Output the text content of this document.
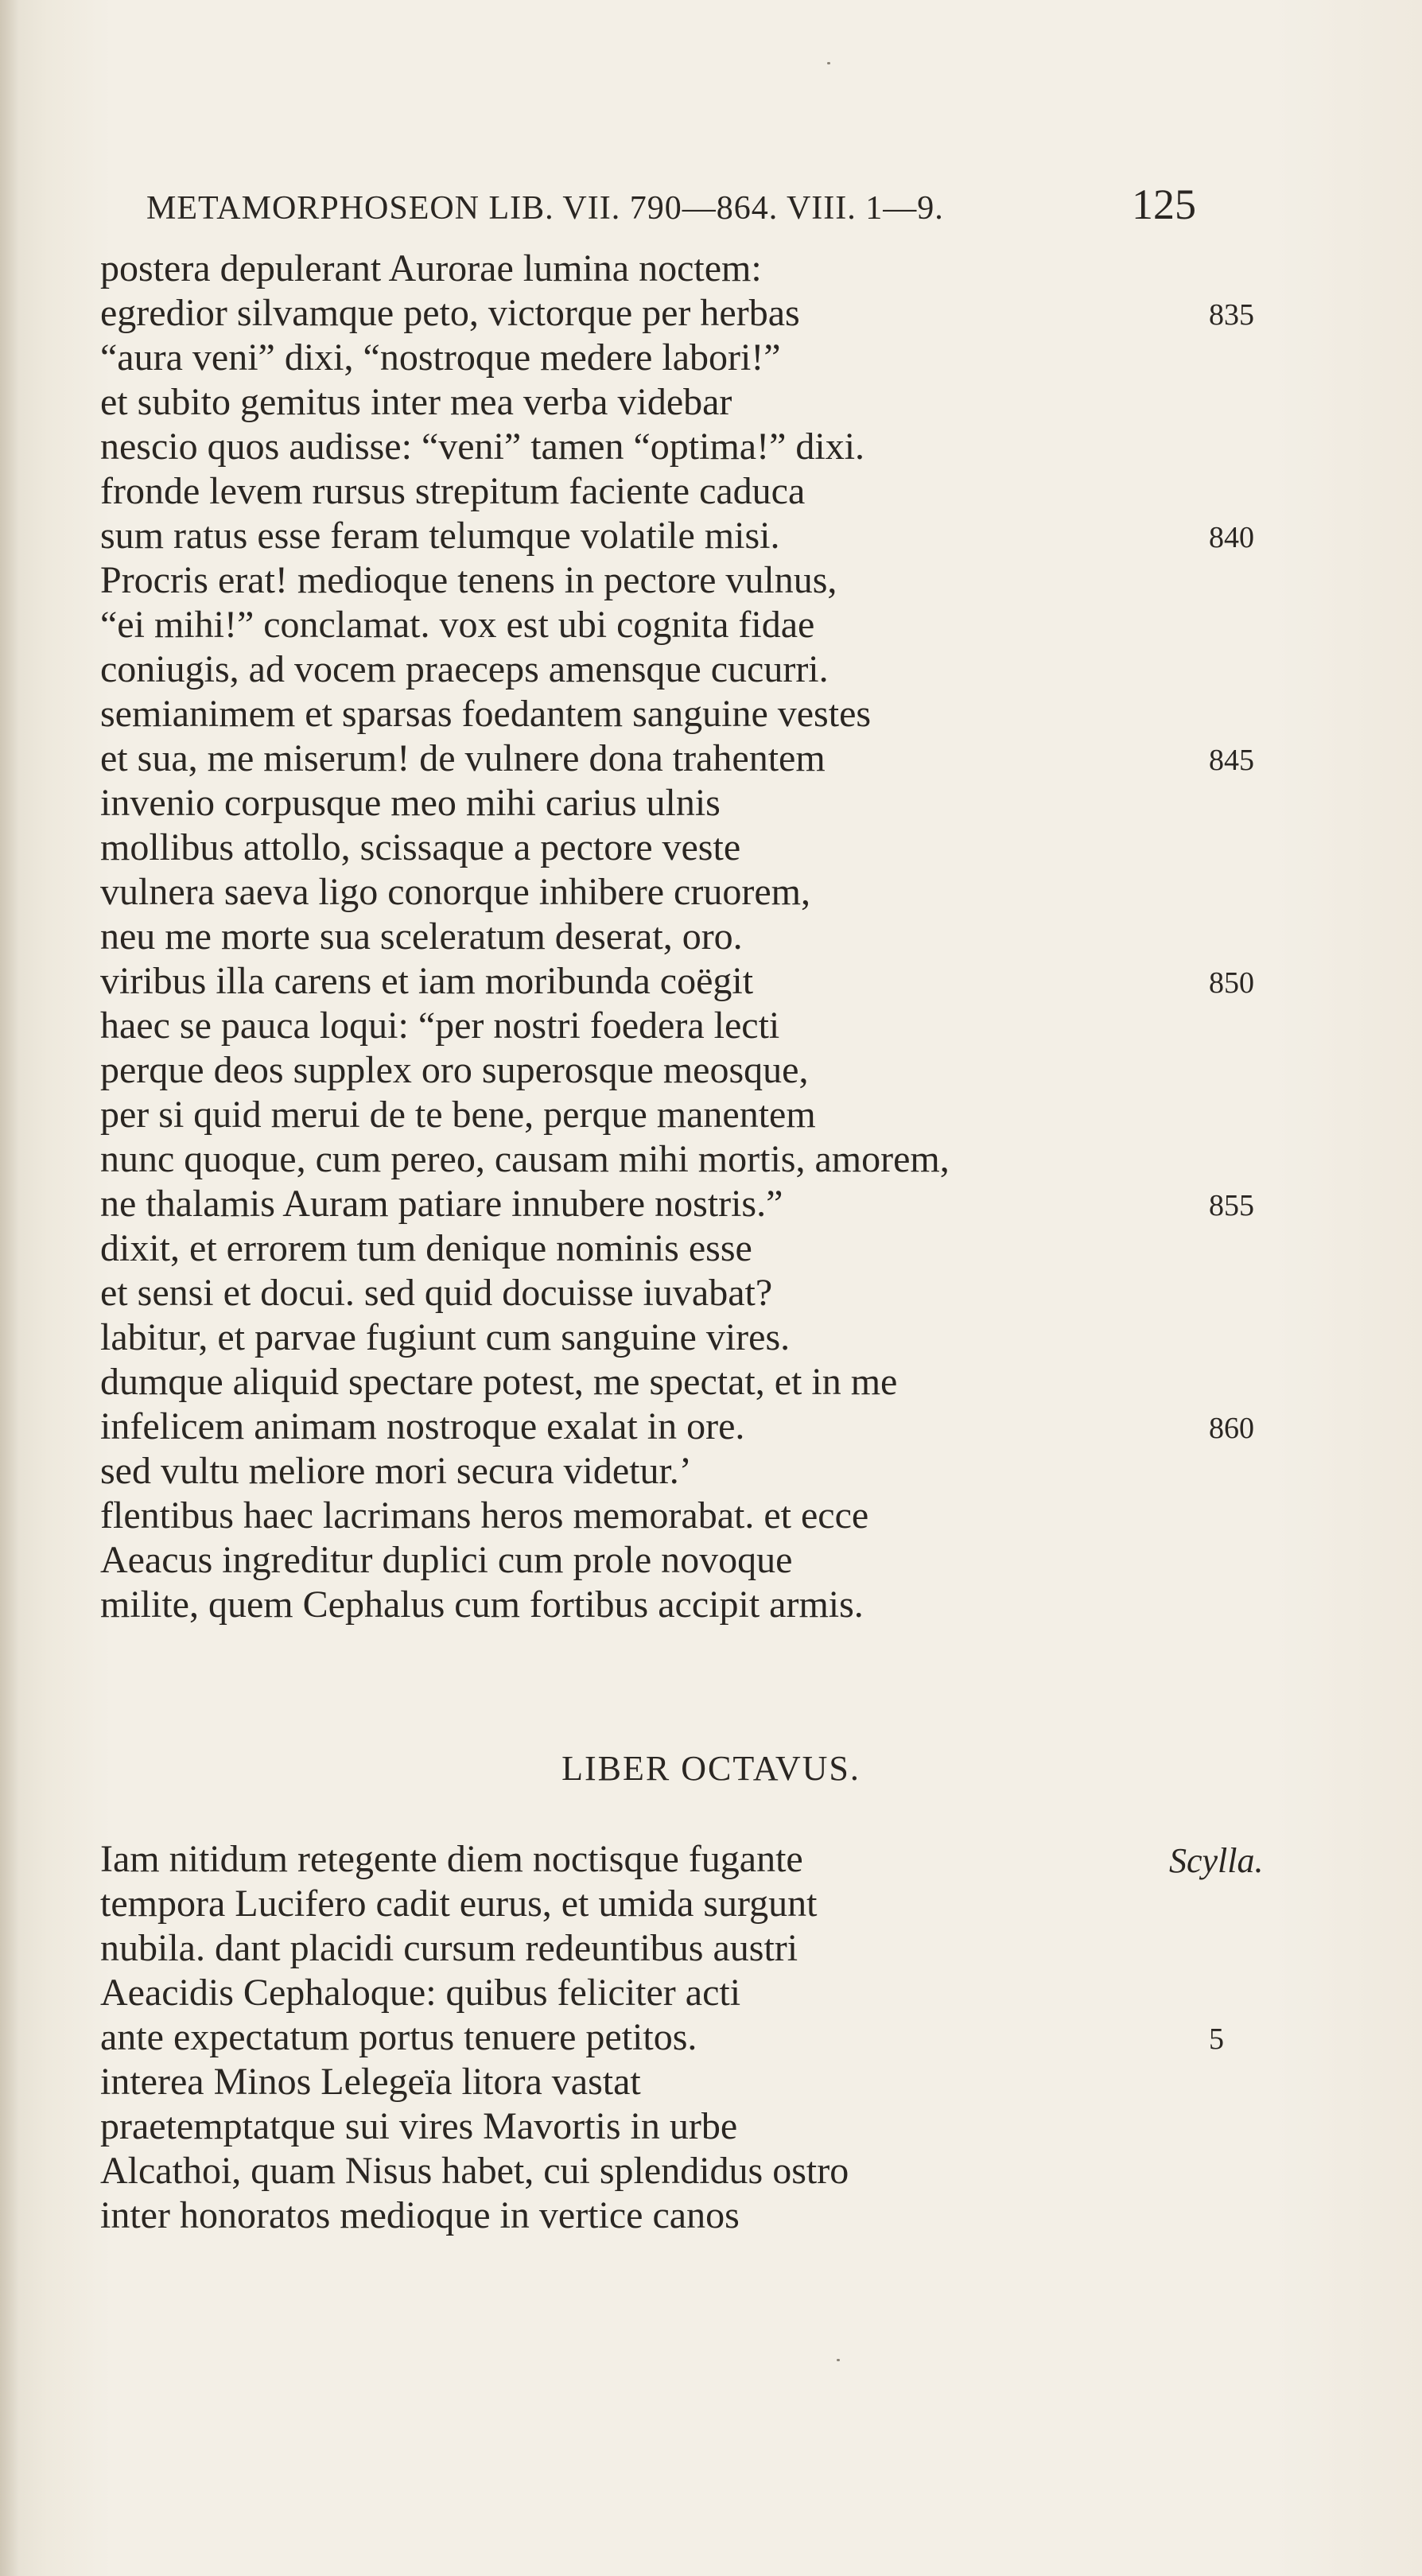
METAMORPHOSEON LIB. VII. 790—864. VIII. 1—9.	125
postera depulerant Aurorae lumina noctem:
egredior silvamque peto, victorque per herbas
“aura veni” dixi, “nostroque medere labori!”
et subito gemitus inter mea verba videbar
nescio quos audisse: “veni” tamen “optima!” dixi.
fronde levem rursus strepitum faciente caduca
sum ratus esse feram telumque volatile misi.
Procris erat! medioque tenens in pectore vulnus,
“ei mihi!” conclamat. vox est ubi cognita fidae
coniugis, ad vocem praeceps amensque cucurri.
semianimem et sparsas foedantem sanguine vestes
et sua, me miserum! de vulnere dona trahentem
invenio corpusque meo mihi carius ulnis
mollibus attollo, scissaque a pectore veste
vulnera saeva ligo conorque inhibere cruorem,
neu me morte sua sceleratum deserat, oro.
viribus illa carens et iam moribunda coëgit
haec se pauca loqui: “per nostri foedera lecti
perque deos supplex oro superosque meosque,
per si quid merui de te bene, perque manentem
nunc quoque, cum pereo, causam mihi mortis, amorem,
ne thalamis Auram patiare innubere nostris.”
dixit, et errorem tum denique nominis esse
et sensi et docui. sed quid docuisse iuvabat?
labitur, et parvae fugiunt cum sanguine vires.
dumque aliquid spectare potest, me spectat, et in me
infelicem animam nostroque exalat in ore.
sed vultu meliore mori secura videtur.’
flentibus haec lacrimans heros memorabat. et ecce
Aeacus ingreditur duplici cum prole novoque
milite, quem Cephalus cum fortibus accipit armis.
835
840
845
850
855
860
LIBER OCTAVUS.
Iam nitidum retegente diem noctisque fugante
tempora Lucifero cadit eurus, et umida surgunt
nubila. dant placidi cursum redeuntibus austri
Aeacidis Cephaloque: quibus feliciter acti
ante expectatum portus tenuere petitos.
interea Minos Lelegeïa litora vastat
praetemptatque sui vires Mavortis in urbe
Alcathoi, quam Nisus habet, cui splendidus ostro
inter honoratos medioque in vertice canos
Scylla.
5
